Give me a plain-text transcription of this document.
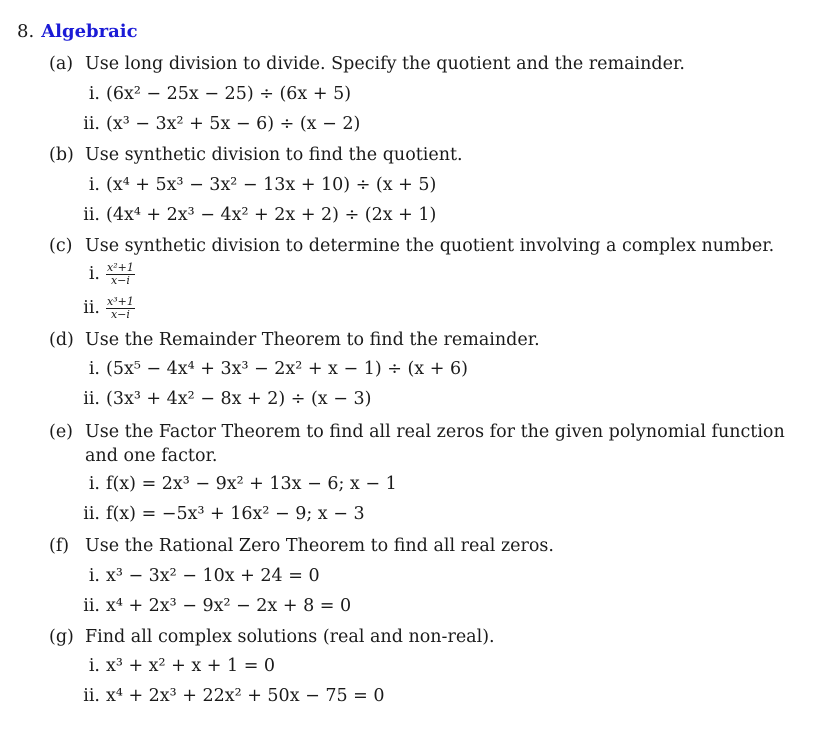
8. Algebraic
(a) Use long division to divide. Specify the quotient and the remainder.
i. (6x² − 25x − 25) ÷ (6x + 5)
ii. (x³ − 3x² + 5x − 6) ÷ (x − 2)
(b) Use synthetic division to find the quotient.
i. (x⁴ + 5x³ − 3x² − 13x + 10) ÷ (x + 5)
ii. (4x⁴ + 2x³ − 4x² + 2x + 2) ÷ (2x + 1)
(c) Use synthetic division to determine the quotient involving a complex number.
i. $\frac{\text{x²+1}}{x-i}$
ii. $\frac{\text{x³+1}}{x-i}$
(d) Use the Remainder Theorem to find the remainder.
i. (5x⁵ − 4x⁴ + 3x³ − 2x² + x − 1) ÷ (x + 6)
ii. (3x³ + 4x² − 8x + 2) ÷ (x − 3)
(e) Use the Factor Theorem to find all real zeros for the given polynomial function and one factor.
i. f(x) = 2x³ − 9x² + 13x − 6; x − 1
ii. f(x) = −5x³ + 16x² − 9; x − 3
(f) Use the Rational Zero Theorem to find all real zeros.
i. x³ − 3x² − 10x + 24 = 0
ii. x⁴ + 2x³ − 9x² − 2x + 8 = 0
(g) Find all complex solutions (real and non-real).
i. x³ + x² + x + 1 = 0
ii. x⁴ + 2x³ + 22x² + 50x − 75 = 0
